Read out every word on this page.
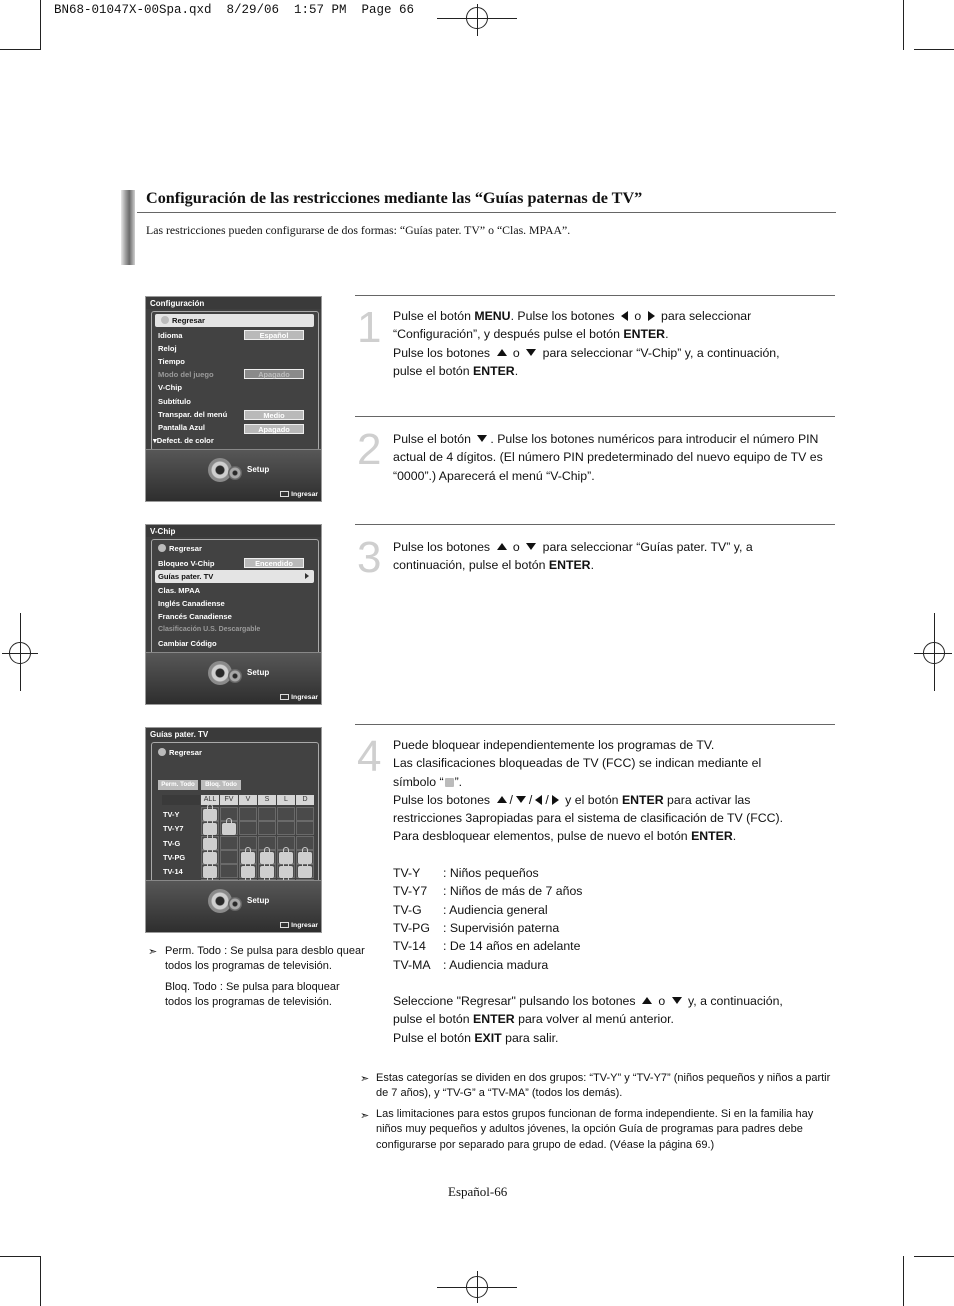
BN68-01047X-00Spa.qxd  8/29/06  1:57 PM  Page 66
Configuración de las restricciones mediante las “Guías paternas de TV”
Las restricciones pueden configurarse de dos formas: “Guías pater. TV” o “Clas. MPAA”.
Configuración
Regresar
Idioma	Español
Reloj
Tiempo
Modo del juego	Apagado
V-Chip
Subtítulo
Transpar. del menú	Medio
Pantalla Azul	Apagado
▾Defect. de color
Setup
Ingresar
V-Chip
Regresar
Bloqueo V-Chip	Encendido
Guías pater. TV
Clas. MPAA
Inglés Canadiense
Francés Canadiense
Clasificación U.S. Descargable
Cambiar Código
Setup
Ingresar
Guías pater. TV
Regresar
Perm. Todo	Bloq. Todo
ALL	FV	V	S	L	D
TV-Y
TV-Y7
TV-G
TV-PG
TV-14
Setup
Ingresar
➣ Perm. Todo : Se pulsa para desblo quear todos los programas de televisión.
Bloq. Todo : Se pulsa para bloquear todos los programas de televisión.
1 Pulse el botón MENU. Pulse los botones  o  para seleccionar
“Configuración”, y después pulse el botón ENTER.
Pulse los botones  o  para seleccionar “V-Chip” y, a continuación,
pulse el botón ENTER.
2 Pulse el botón . Pulse los botones numéricos para introducir el número PIN actual de 4 dígitos. (El número PIN predeterminado del nuevo equipo de TV es “0000”.) Aparecerá el menú “V-Chip”.
3 Pulse los botones  o  para seleccionar “Guías pater. TV” y, a
continuación, pulse el botón ENTER.
4 Puede bloquear independientemente los programas de TV.
Las clasificaciones bloqueadas de TV (FCC) se indican mediante el
símbolo “ ”.
Pulse los botones / / / y el botón ENTER para activar las
restricciones 3apropiadas para el sistema de clasificación de TV (FCC).
Para desbloquear elementos, pulse de nuevo el botón ENTER.

TV-Y : Niños pequeños
TV-Y7 : Niños de más de 7 años
TV-G : Audiencia general
TV-PG : Supervisión paterna
TV-14 : De 14 años en adelante
TV-MA : Audiencia madura

Seleccione "Regresar" pulsando los botones  o  y, a continuación,
pulse el botón ENTER para volver al menú anterior.
Pulse el botón EXIT para salir.
➣ Estas categorías se dividen en dos grupos: “TV-Y” y “TV-Y7” (niños pequeños y niños a partir de 7 años), y “TV-G” a “TV-MA” (todos los demás).
➣ Las limitaciones para estos grupos funcionan de forma independiente. Si en la familia hay niños muy pequeños y adultos jóvenes, la opción Guía de programas para padres debe configurarse por separado para grupo de edad. (Véase la página 69.)
Español-66
